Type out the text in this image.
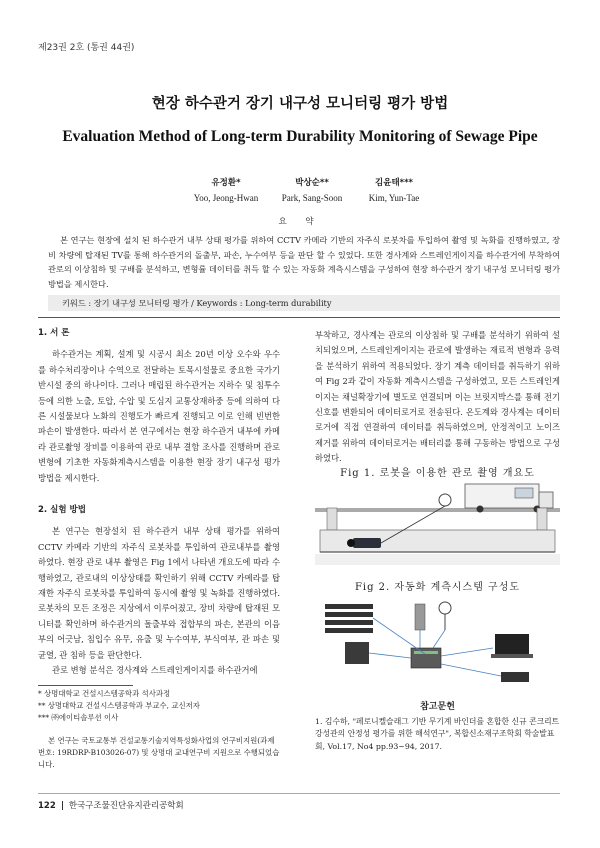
제23권 2호 (통권 44권)
현장 하수관거 장기 내구성 모니터링 평가 방법
Evaluation Method of Long-term Durability Monitoring of Sewage Pipe
유정환*
Yoo, Jeong-Hwan
박상순**
Park, Sang-Soon
김윤태***
Kim, Yun-Tae
요 약
본 연구는 현장에 설치 된 하수관거 내부 상태 평가를 위하여 CCTV 카메라 기반의 자주식 로봇차를 투입하여 촬영 및 녹화를 진행하였고, 장비 차량에 탑재된 TV를 통해 하수관거의 돌출부, 파손, 누수여부 등을 판단 할 수 있었다. 또한 경사계와 스트레인게이지를 하수관거에 부착하여 관로의 이상침하 및 구배를 분석하고, 변형률 데이터를 취득 할 수 있는 자동화 계측시스템을 구성하여 현장 하수관거 장기 내구성 모니터링 평가 방법을 제시한다.
키워드 : 장기 내구성 모니터링 평가 / Keywords : Long-term durability
1. 서 론
하수관거는 계획, 설계 및 시공시 최소 20년 이상 오수와 우수를 하수처리장이나 수역으로 전달하는 토목시설물로 중요한 국가기반시설 중의 하나이다. 그러나 매립된 하수관거는 지하수 및 침투수 등에 의한 노출, 토압, 수압 및 도심지 교통상재하중 등에 의하여 다른 시설물보다 노화의 진행도가 빠르게 진행되고 이로 인해 빈번한 파손이 발생한다. 따라서 본 연구에서는 현장 하수관거 내부에 카메라 관로촬영 장비를 이용하여 관로 내부 결함 조사를 진행하며 관로 변형에 기초한 자동화계측시스템을 이용한 현장 장기 내구성 평가 방법을 제시한다.
2. 실험 방법
본 연구는 현장설치 된 하수관거 내부 상태 평가를 위하여 CCTV 카메라 기반의 자주식 로봇차를 투입하여 관로내부를 촬영하였다. 현장 관로 내부 촬영은 Fig 1에서 나타낸 개요도에 따라 수행하였고, 관로내의 이상상태를 확인하기 위해 CCTV 카메라를 탑재한 자주식 로봇차를 투입하여 동시에 촬영 및 녹화를 진행하였다. 로봇차의 모든 조정은 지상에서 이루어졌고, 장비 차량에 탑재된 모니터를 확인하며 하수관거의 돌출부와 접합부의 파손, 본관의 이음부의 어긋남, 침입수 유무, 유출 및 누수여부, 부식여부, 관 파손 및 균열, 관 침하 등을 판단한다.
관로 변형 분석은 경사계와 스트레인게이지를 하수관거에
* 상명대학교 건설시스템공학과 석사과정
** 상명대학교 건설시스템공학과 부교수, 교신저자
*** ㈜에이티솔루션 이사
본 연구는 국토교통부 건설교통기술지역특성화사업의 연구비지원(과제번호: 19RDRP-B103026-07) 및 상명대 교내연구비 지원으로 수행되었습니다.
부착하고, 경사계는 관로의 이상침하 및 구배를 분석하기 위하여 설치되었으며, 스트레인게이지는 관로에 발생하는 재료적 변형과 응력을 분석하기 위하여 적용되었다. 장기 계측 데이터를 취득하기 위하여 Fig 2과 같이 자동화 계측시스템을 구성하였고, 모든 스트레인게이지는 채널확장기에 별도로 연결되며 이는 브릿지박스를 통해 전기신호를 변환되어 데이터로거로 전송된다. 온도계와 경사계는 데이터로거에 직접 연결하여 데이터를 취득하였으며, 안정적이고 노이즈 제거를 위하여 데이터로거는 배터리를 통해 구동하는 방법으로 구성하였다.
Fig 1. 로봇을 이용한 관로 촬영 개요도
Fig 2. 자동화 계측시스템 구성도
참고문헌
1. 김수하, "페로니켈슬래그 기반 무기계 바인더를 혼합한 신규 콘크리트 강성관의 안정성 평가를 위한 해석연구", 복합신소재구조학회 학술발표회, Vol.17, No4 pp.93~94, 2017.
122 한국구조물진단유지관리공학회
